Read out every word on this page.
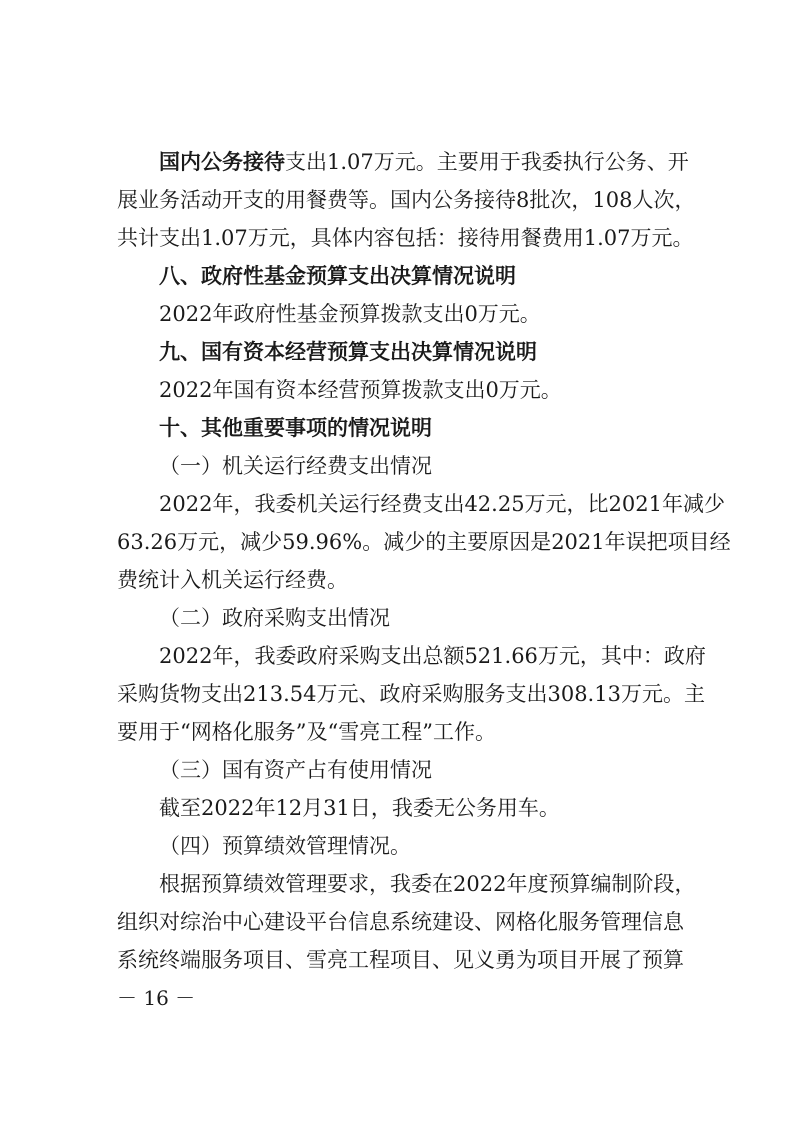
国内公务接待支出1.07万元。主要用于我委执行公务、开
展业务活动开支的用餐费等。国内公务接待8批次，108人次，
共计支出1.07万元，具体内容包括：接待用餐费用1.07万元。
八、政府性基金预算支出决算情况说明
2022年政府性基金预算拨款支出0万元。
九、国有资本经营预算支出决算情况说明
2022年国有资本经营预算拨款支出0万元。
十、其他重要事项的情况说明
（一）机关运行经费支出情况
2022年，我委机关运行经费支出42.25万元，比2021年减少
63.26万元，减少59.96%。减少的主要原因是2021年误把项目经
费统计入机关运行经费。
（二）政府采购支出情况
2022年，我委政府采购支出总额521.66万元，其中：政府
采购货物支出213.54万元、政府采购服务支出308.13万元。主
要用于“网格化服务”及“雪亮工程”工作。
（三）国有资产占有使用情况
截至2022年12月31日，我委无公务用车。
（四）预算绩效管理情况。
根据预算绩效管理要求，我委在2022年度预算编制阶段，
组织对综治中心建设平台信息系统建设、网格化服务管理信息
系统终端服务项目、雪亮工程项目、见义勇为项目开展了预算
－ 16 －
